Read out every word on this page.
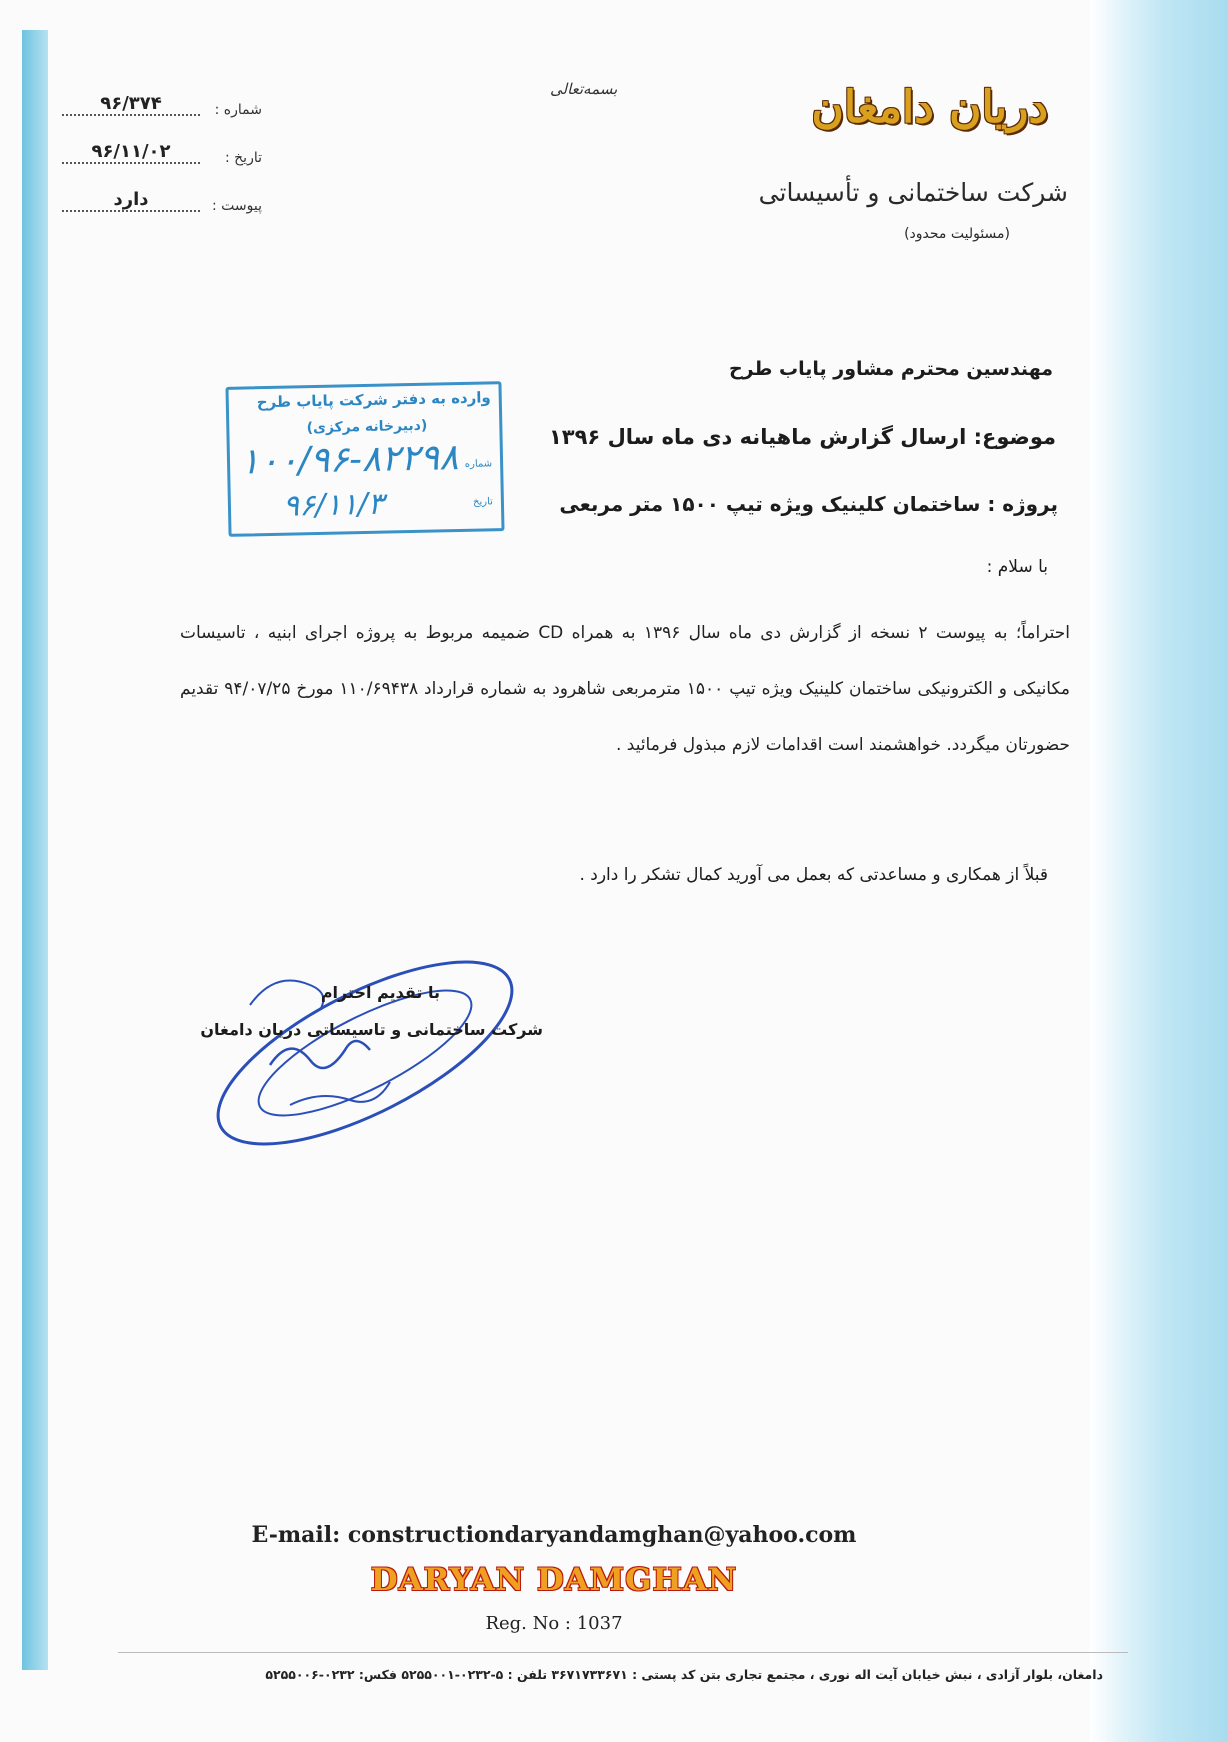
بسمه‌تعالی	دریان دامغان
شرکت ساختمانی و تأسیساتی
(مسئولیت محدود)
شماره :
۹۶/۳۷۴
تاریخ :
۹۶/۱۱/۰۲
پیوست :
دارد
وارده به دفتر شرکت پایاب طرح
(دبیرخانه مرکزی)
شماره
تاریخ
۱۰۰/۹۶-۸۲۲۹۸
۹۶/۱۱/۳
مهندسین محترم مشاور پایاب طرح
موضوع: ارسال گزارش ماهیانه دی ماه سال ۱۳۹۶
پروژه : ساختمان کلینیک ویژه تیپ ۱۵۰۰ متر مربعی
با سلام :
احتراماً؛ به پیوست ۲ نسخه از گزارش دی ماه سال ۱۳۹۶ به همراه CD ضمیمه مربوط به پروژه اجرای ابنیه ، تاسیسات مکانیکی و الکترونیکی ساختمان کلینیک ویژه تیپ ۱۵۰۰ مترمربعی شاهرود به شماره قرارداد ۱۱۰/۶۹۴۳۸ مورخ ۹۴/۰۷/۲۵ تقدیم حضورتان میگردد. خواهشمند است اقدامات لازم مبذول فرمائید .
قبلاً از همکاری و مساعدتی که بعمل می آورید کمال تشکر را دارد .
با تقدیم احترام
شرکت ساختمانی و تاسیساتی دریان دامغان
E-mail: constructiondaryandamghan@yahoo.com
DARYAN DAMGHAN
Reg. No : 1037
دامغان، بلوار آزادی ، نبش خیابان آیت اله نوری ، مجتمع تجاری بتن کد پستی : ۳۶۷۱۷۳۳۶۷۱ تلفن : ۵-۰۲۳۲-۵۲۵۵۰۰۱ فکس: ۰۲۳۲-۵۲۵۵۰۰۶
